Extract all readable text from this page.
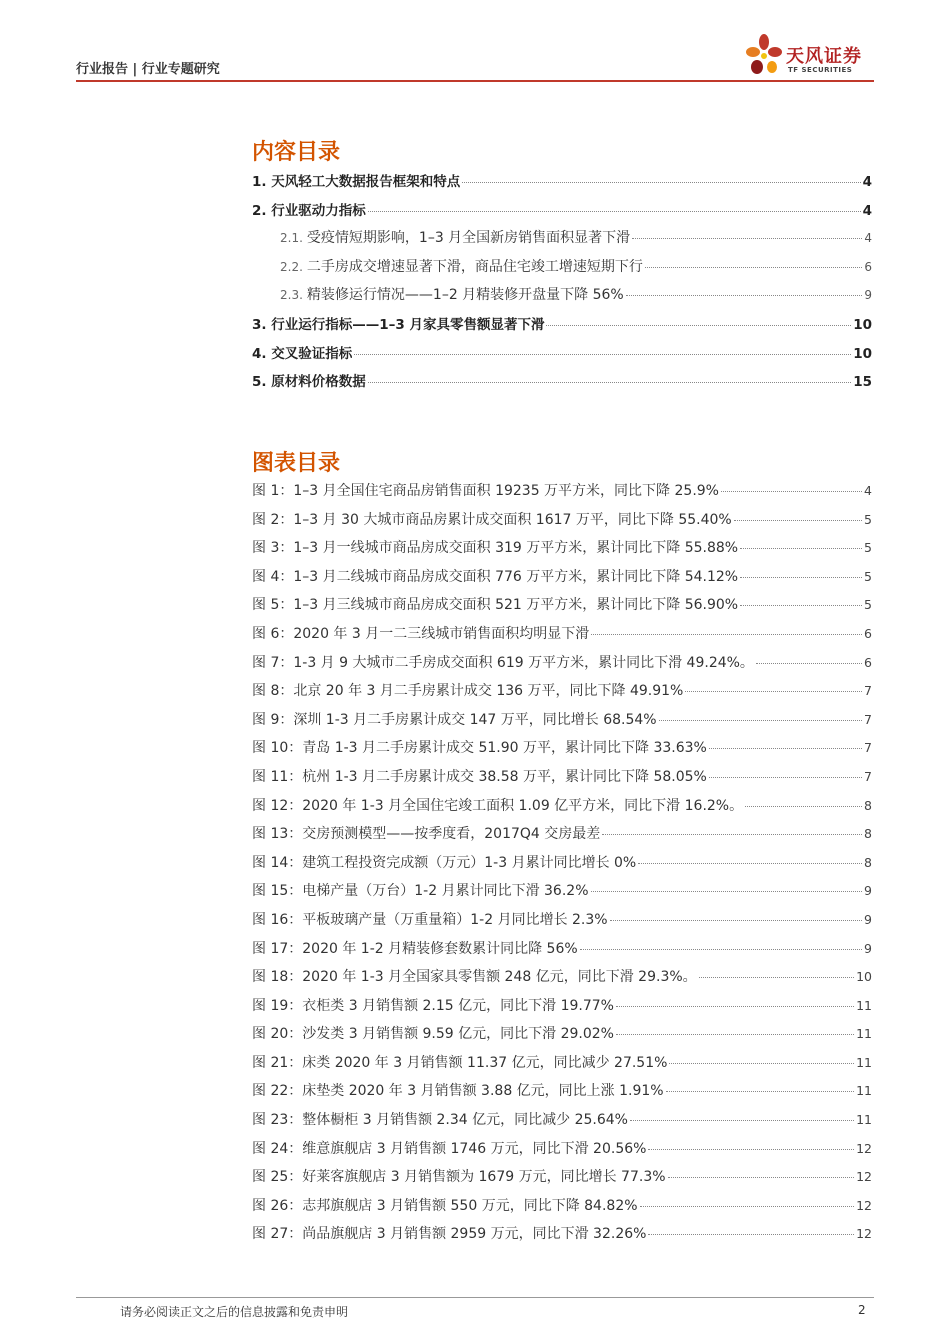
行业报告 | 行业专题研究
天风证券
TF SECURITIES
内容目录
1. 天风轻工大数据报告框架和特点	4
2. 行业驱动力指标	4
2.1. 受疫情短期影响，1–3 月全国新房销售面积显著下滑	4
2.2. 二手房成交增速显著下滑，商品住宅竣工增速短期下行	6
2.3. 精装修运行情况——1–2 月精装修开盘量下降 56%	9
3. 行业运行指标——1–3 月家具零售额显著下滑	10
4. 交叉验证指标	10
5. 原材料价格数据	15
图表目录
图 1：1–3 月全国住宅商品房销售面积 19235 万平方米，同比下降 25.9%	4
图 2：1–3 月 30 大城市商品房累计成交面积 1617 万平，同比下降 55.40%	5
图 3：1–3 月一线城市商品房成交面积 319 万平方米，累计同比下降 55.88%	5
图 4：1–3 月二线城市商品房成交面积 776 万平方米，累计同比下降 54.12%	5
图 5：1–3 月三线城市商品房成交面积 521 万平方米，累计同比下降 56.90%	5
图 6：2020 年 3 月一二三线城市销售面积均明显下滑	6
图 7：1-3 月 9 大城市二手房成交面积 619 万平方米，累计同比下滑 49.24%。	6
图 8：北京 20 年 3 月二手房累计成交 136 万平，同比下降 49.91%	7
图 9：深圳 1-3 月二手房累计成交 147 万平，同比增长 68.54%	7
图 10：青岛 1-3 月二手房累计成交 51.90 万平，累计同比下降 33.63%	7
图 11：杭州 1-3 月二手房累计成交 38.58 万平，累计同比下降 58.05%	7
图 12：2020 年 1-3 月全国住宅竣工面积 1.09 亿平方米，同比下滑 16.2%。	8
图 13：交房预测模型——按季度看，2017Q4 交房最差	8
图 14：建筑工程投资完成额（万元）1-3 月累计同比增长 0%	8
图 15：电梯产量（万台）1-2 月累计同比下滑 36.2%	9
图 16：平板玻璃产量（万重量箱）1-2 月同比增长 2.3%	9
图 17：2020 年 1-2 月精装修套数累计同比降 56%	9
图 18：2020 年 1-3 月全国家具零售额 248 亿元，同比下滑 29.3%。	10
图 19：衣柜类 3 月销售额 2.15 亿元，同比下滑 19.77%	11
图 20：沙发类 3 月销售额 9.59 亿元，同比下滑 29.02%	11
图 21：床类 2020 年 3 月销售额 11.37 亿元，同比减少 27.51%	11
图 22：床垫类 2020 年 3 月销售额 3.88 亿元，同比上涨 1.91%	11
图 23：整体橱柜 3 月销售额 2.34 亿元，同比减少 25.64%	11
图 24：维意旗舰店 3 月销售额 1746 万元，同比下滑 20.56%	12
图 25：好莱客旗舰店 3 月销售额为 1679 万元，同比增长 77.3%	12
图 26：志邦旗舰店 3 月销售额 550 万元，同比下降 84.82%	12
图 27：尚品旗舰店 3 月销售额 2959 万元，同比下滑 32.26%	12
请务必阅读正文之后的信息披露和免责申明	2
